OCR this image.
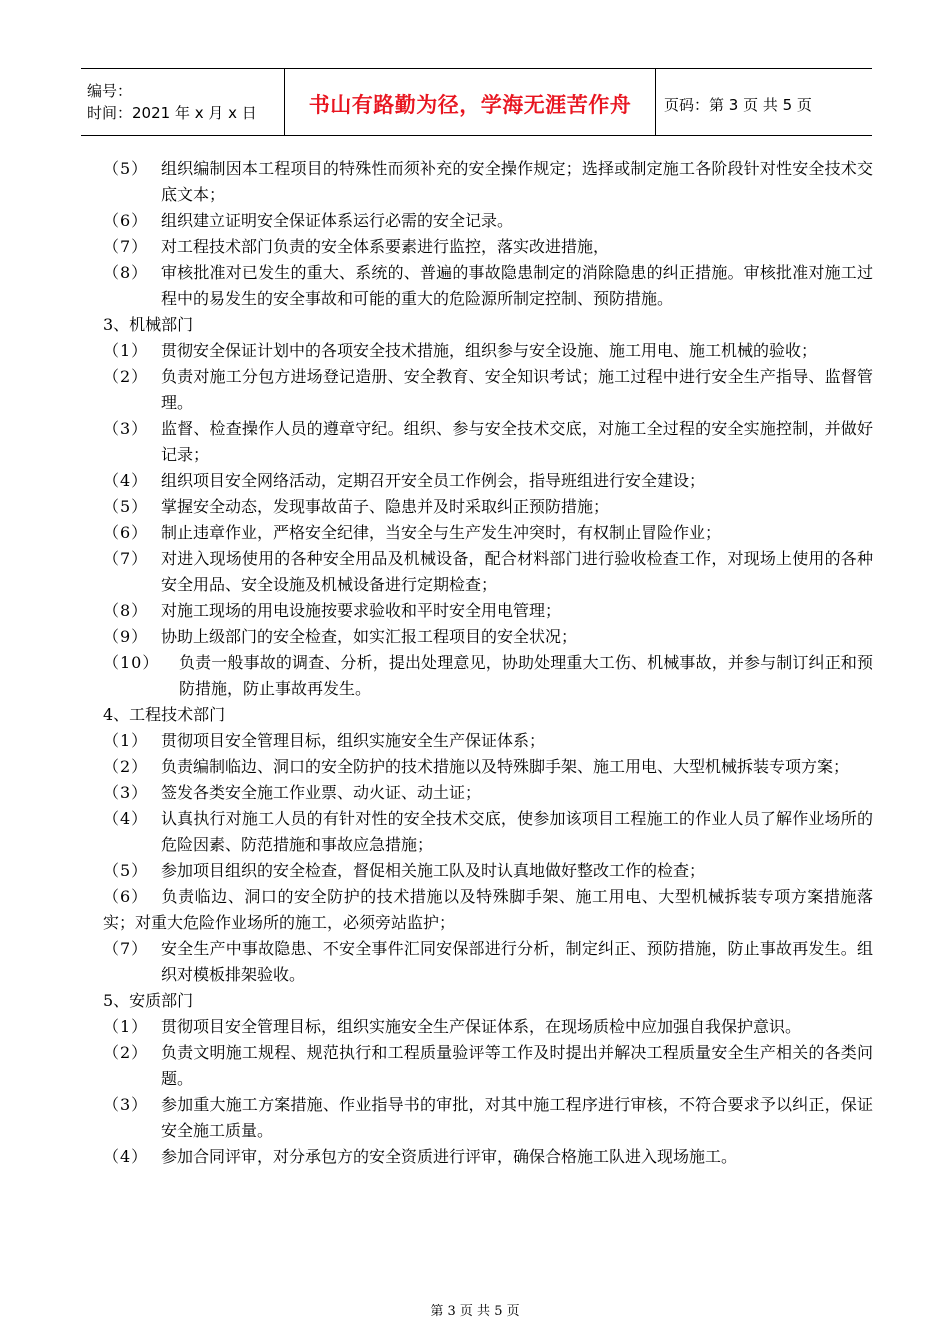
编号：
时间：2021 年 x 月 x 日	书山有路勤为径，学海无涯苦作舟	页码：第 3 页 共 5 页
（5） 组织编制因本工程项目的特殊性而须补充的安全操作规定；选择或制定施工各阶段针对性安全技术交底文本；
（6） 组织建立证明安全保证体系运行必需的安全记录。
（7） 对工程技术部门负责的安全体系要素进行监控，落实改进措施，
（8） 审核批准对已发生的重大、系统的、普遍的事故隐患制定的消除隐患的纠正措施。审核批准对施工过程中的易发生的安全事故和可能的重大的危险源所制定控制、预防措施。
3、机械部门
（1） 贯彻安全保证计划中的各项安全技术措施，组织参与安全设施、施工用电、施工机械的验收；
（2） 负责对施工分包方进场登记造册、安全教育、安全知识考试；施工过程中进行安全生产指导、监督管理。
（3） 监督、检查操作人员的遵章守纪。组织、参与安全技术交底，对施工全过程的安全实施控制，并做好记录；
（4） 组织项目安全网络活动，定期召开安全员工作例会，指导班组进行安全建设；
（5） 掌握安全动态，发现事故苗子、隐患并及时采取纠正预防措施；
（6） 制止违章作业，严格安全纪律，当安全与生产发生冲突时，有权制止冒险作业；
（7） 对进入现场使用的各种安全用品及机械设备，配合材料部门进行验收检查工作，对现场上使用的各种安全用品、安全设施及机械设备进行定期检查；
（8） 对施工现场的用电设施按要求验收和平时安全用电管理；
（9） 协助上级部门的安全检查，如实汇报工程项目的安全状况；
（10）	负责一般事故的调查、分析，提出处理意见，协助处理重大工伤、机械事故，并参与制订纠正和预防措施，防止事故再发生。
4、工程技术部门
（1） 贯彻项目安全管理目标，组织实施安全生产保证体系；
（2） 负责编制临边、洞口的安全防护的技术措施以及特殊脚手架、施工用电、大型机械拆装专项方案；
（3） 签发各类安全施工作业票、动火证、动土证；
（4） 认真执行对施工人员的有针对性的安全技术交底，使参加该项目工程施工的作业人员了解作业场所的危险因素、防范措施和事故应急措施；
（5） 参加项目组织的安全检查，督促相关施工队及时认真地做好整改工作的检查；
（6） 负责临边、洞口的安全防护的技术措施以及特殊脚手架、施工用电、大型机械拆装专项方案措施落实；对重大危险作业场所的施工，必须旁站监护；
（7） 安全生产中事故隐患、不安全事件汇同安保部进行分析，制定纠正、预防措施，防止事故再发生。组织对模板排架验收。
5、安质部门
（1） 贯彻项目安全管理目标，组织实施安全生产保证体系，在现场质检中应加强自我保护意识。
（2） 负责文明施工规程、规范执行和工程质量验评等工作及时提出并解决工程质量安全生产相关的各类问题。
（3） 参加重大施工方案措施、作业指导书的审批，对其中施工程序进行审核，不符合要求予以纠正，保证安全施工质量。
（4） 参加合同评审，对分承包方的安全资质进行评审，确保合格施工队进入现场施工。
第 3 页 共 5 页
